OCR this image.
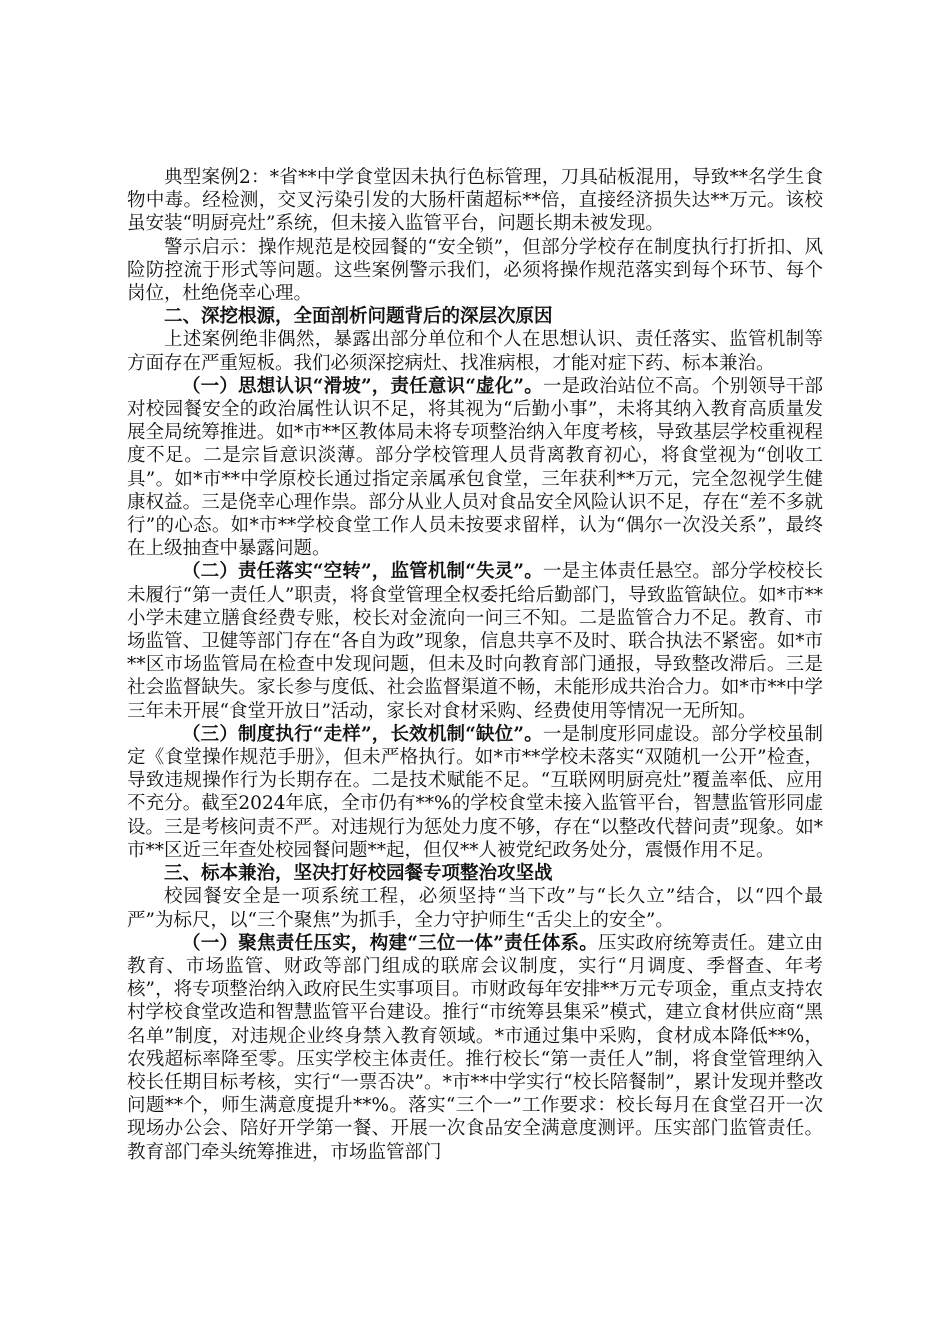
典型案例2：*省**中学食堂因未执行色标管理，刀具砧板混用，导致**名学生食物中毒。经检测，交叉污染引发的大肠杆菌超标**倍，直接经济损失达**万元。该校虽安装“明厨亮灶”系统，但未接入监管平台，问题长期未被发现。

警示启示：操作规范是校园餐的“安全锁”，但部分学校存在制度执行打折扣、风险防控流于形式等问题。这些案例警示我们，必须将操作规范落实到每个环节、每个岗位，杜绝侥幸心理。

二、深挖根源，全面剖析问题背后的深层次原因

上述案例绝非偶然，暴露出部分单位和个人在思想认识、责任落实、监管机制等方面存在严重短板。我们必须深挖病灶、找准病根，才能对症下药、标本兼治。

（一）思想认识“滑坡”，责任意识“虚化”。一是政治站位不高。个别领导干部对校园餐安全的政治属性认识不足，将其视为“后勤小事”，未将其纳入教育高质量发展全局统筹推进。如*市**区教体局未将专项整治纳入年度考核，导致基层学校重视程度不足。二是宗旨意识淡薄。部分学校管理人员背离教育初心，将食堂视为“创收工具”。如*市**中学原校长通过指定亲属承包食堂，三年获利**万元，完全忽视学生健康权益。三是侥幸心理作祟。部分从业人员对食品安全风险认识不足，存在“差不多就行”的心态。如*市**学校食堂工作人员未按要求留样，认为“偶尔一次没关系”，最终在上级抽查中暴露问题。

（二）责任落实“空转”，监管机制“失灵”。一是主体责任悬空。部分学校校长未履行“第一责任人”职责，将食堂管理全权委托给后勤部门，导致监管缺位。如*市**小学未建立膳食经费专账，校长对金流向一问三不知。二是监管合力不足。教育、市场监管、卫健等部门存在“各自为政”现象，信息共享不及时、联合执法不紧密。如*市**区市场监管局在检查中发现问题，但未及时向教育部门通报，导致整改滞后。三是社会监督缺失。家长参与度低、社会监督渠道不畅，未能形成共治合力。如*市**中学三年未开展“食堂开放日”活动，家长对食材采购、经费使用等情况一无所知。

（三）制度执行“走样”，长效机制“缺位”。一是制度形同虚设。部分学校虽制定《食堂操作规范手册》，但未严格执行。如*市**学校未落实“双随机一公开”检查，导致违规操作行为长期存在。二是技术赋能不足。“互联网明厨亮灶”覆盖率低、应用不充分。截至2024年底，全市仍有**%的学校食堂未接入监管平台，智慧监管形同虚设。三是考核问责不严。对违规行为惩处力度不够，存在“以整改代替问责”现象。如*市**区近三年查处校园餐问题**起，但仅**人被党纪政务处分，震慑作用不足。

三、标本兼治，坚决打好校园餐专项整治攻坚战

校园餐安全是一项系统工程，必须坚持“当下改”与“长久立”结合，以“四个最严”为标尺，以“三个聚焦”为抓手，全力守护师生“舌尖上的安全”。

（一）聚焦责任压实，构建“三位一体”责任体系。压实政府统筹责任。建立由教育、市场监管、财政等部门组成的联席会议制度，实行“月调度、季督查、年考核”，将专项整治纳入政府民生实事项目。市财政每年安排**万元专项金，重点支持农村学校食堂改造和智慧监管平台建设。推行“市统筹县集采”模式，建立食材供应商“黑名单”制度，对违规企业终身禁入教育领域。*市通过集中采购，食材成本降低**%，农残超标率降至零。压实学校主体责任。推行校长“第一责任人”制，将食堂管理纳入校长任期目标考核，实行“一票否决”。*市**中学实行“校长陪餐制”，累计发现并整改问题**个，师生满意度提升**%。落实“三个一”工作要求：校长每月在食堂召开一次现场办公会、陪好开学第一餐、开展一次食品安全满意度测评。压实部门监管责任。教育部门牵头统筹推进，市场监管部门
